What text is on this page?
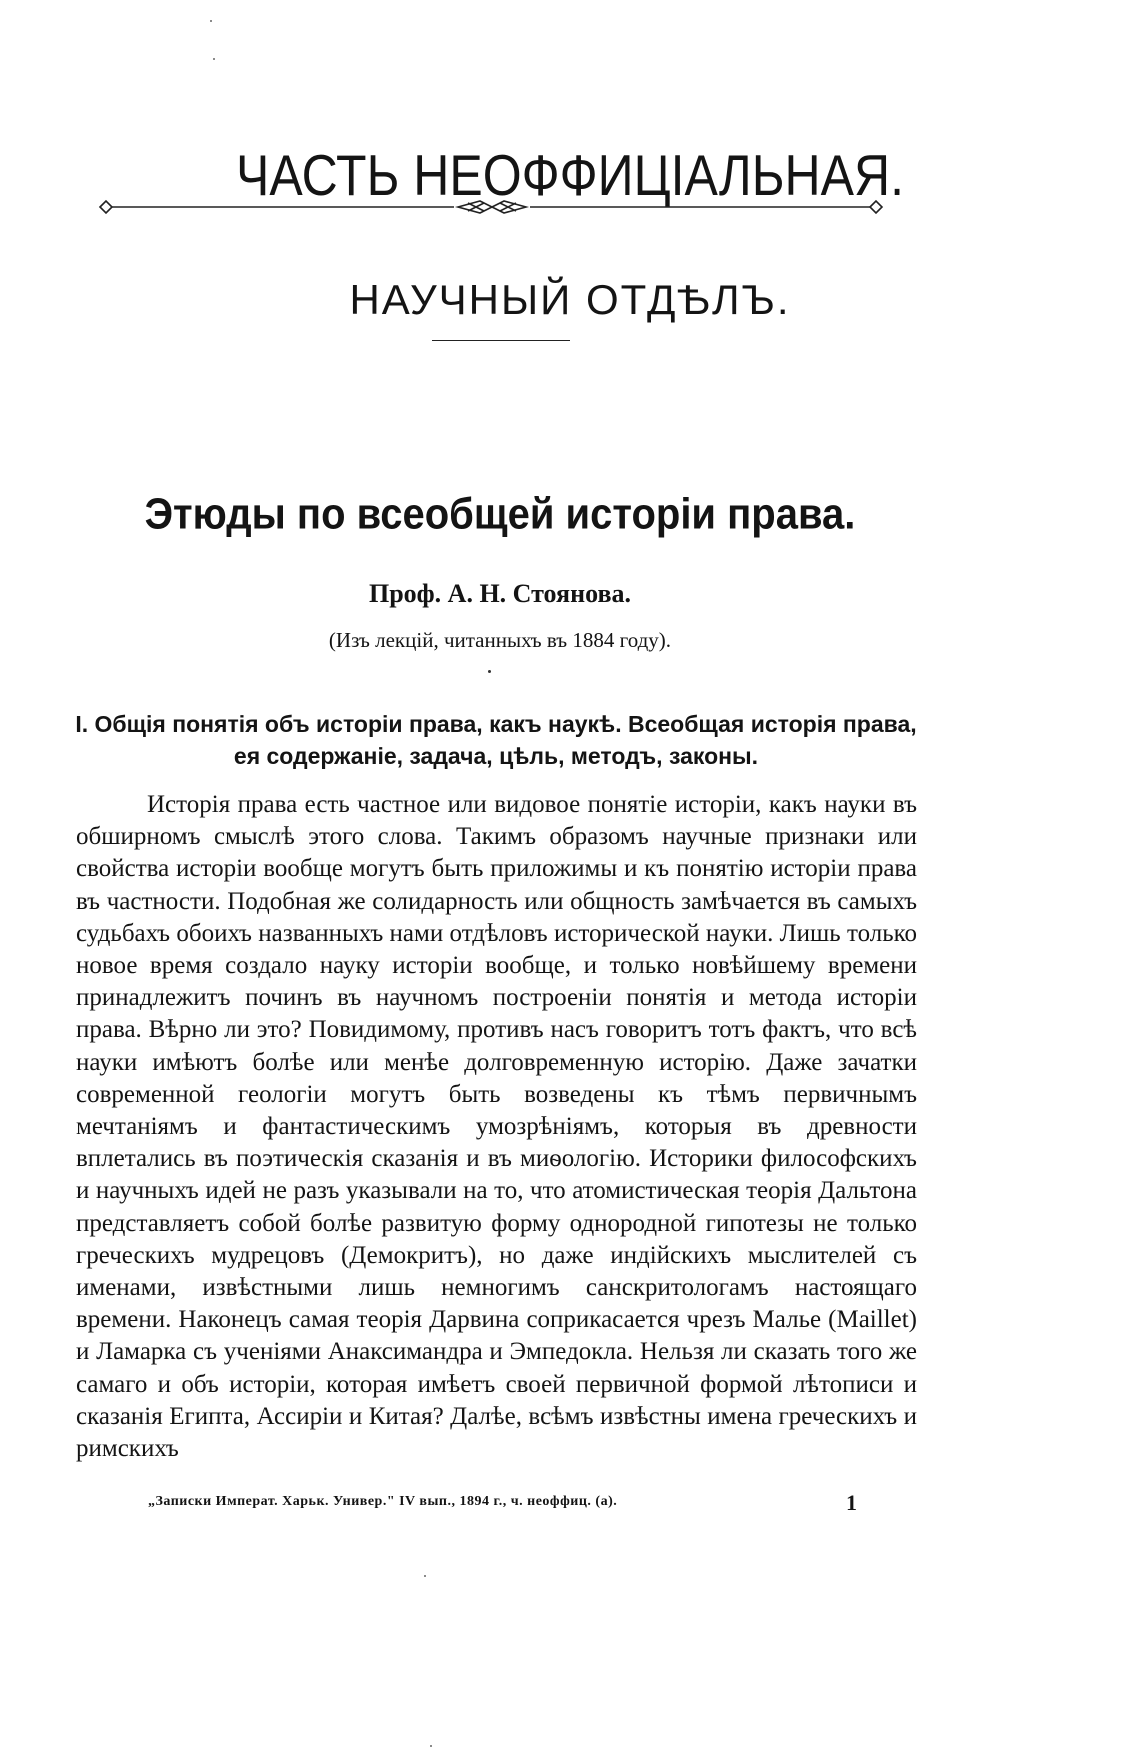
ЧАСТЬ НЕОФФИЦІАЛЬНАЯ.
НАУЧНЫЙ ОТДѢЛЪ.
Этюды по всеобщей исторіи права.
Проф. А. Н. Стоянова.
(Изъ лекцій, читанныхъ въ 1884 году).
I. Общія понятія объ исторіи права, какъ наукѣ. Всеобщая исторія права, ея содержаніе, задача, цѣль, методъ, законы.

Исторія права есть частное или видовое понятіе исторіи, какъ науки въ обширномъ смыслѣ этого слова. Такимъ образомъ научные признаки или свойства исторіи вообще могутъ быть приложимы и къ понятію исторіи права въ частности. Подобная же солидарность или общность замѣчается въ самыхъ судьбахъ обоихъ названныхъ нами отдѣловъ исторической науки. Лишь только новое время создало науку исторіи вообще, и только новѣйшему времени принадлежитъ починъ въ научномъ построеніи понятія и метода исторіи права. Вѣрно ли это? Повидимому, противъ насъ говоритъ тотъ фактъ, что всѣ науки имѣютъ болѣе или менѣе долговременную исторію. Даже зачатки современной геологіи могутъ быть возведены къ тѣмъ первичнымъ мечтаніямъ и фантастическимъ умозрѣніямъ, которыя въ древности вплетались въ поэтическія сказанія и въ миѳологію. Историки философскихъ и научныхъ идей не разъ указывали на то, что атомистическая теорія Дальтона представляетъ собой болѣе развитую форму однородной гипотезы не только греческихъ мудрецовъ (Демокритъ), но даже индійскихъ мыслителей съ именами, извѣстными лишь немногимъ санскритологамъ настоящаго времени. Наконецъ самая теорія Дарвина соприкасается чрезъ Малье (Maillet) и Ламарка съ ученіями Анаксимандра и Эмпедокла. Нельзя ли сказать того же самаго и объ исторіи, которая имѣетъ своей первичной формой лѣтописи и сказанія Египта, Ассиріи и Китая? Далѣе, всѣмъ извѣстны имена греческихъ и римскихъ

„Записки Импeрат. Харьк. Универ." IV вып., 1894 г., ч. неоффиц. (а).	1
